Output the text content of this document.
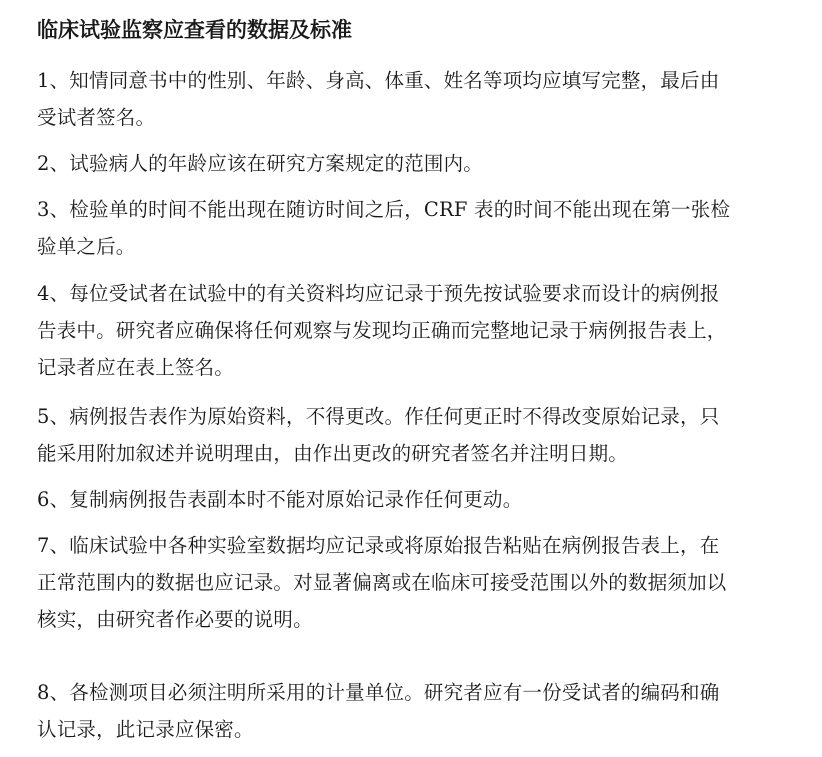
临床试验监察应查看的数据及标准
1、知情同意书中的性别、年龄、身高、体重、姓名等项均应填写完整，最后由
受试者签名。
2、试验病人的年龄应该在研究方案规定的范围内。
3、检验单的时间不能出现在随访时间之后，CRF 表的时间不能出现在第一张检
验单之后。
4、每位受试者在试验中的有关资料均应记录于预先按试验要求而设计的病例报
告表中。研究者应确保将任何观察与发现均正确而完整地记录于病例报告表上，
记录者应在表上签名。
5、病例报告表作为原始资料，不得更改。作任何更正时不得改变原始记录，只
能采用附加叙述并说明理由，由作出更改的研究者签名并注明日期。
6、复制病例报告表副本时不能对原始记录作任何更动。
7、临床试验中各种实验室数据均应记录或将原始报告粘贴在病例报告表上，在
正常范围内的数据也应记录。对显著偏离或在临床可接受范围以外的数据须加以
核实，由研究者作必要的说明。
8、各检测项目必须注明所采用的计量单位。研究者应有一份受试者的编码和确
认记录，此记录应保密。
